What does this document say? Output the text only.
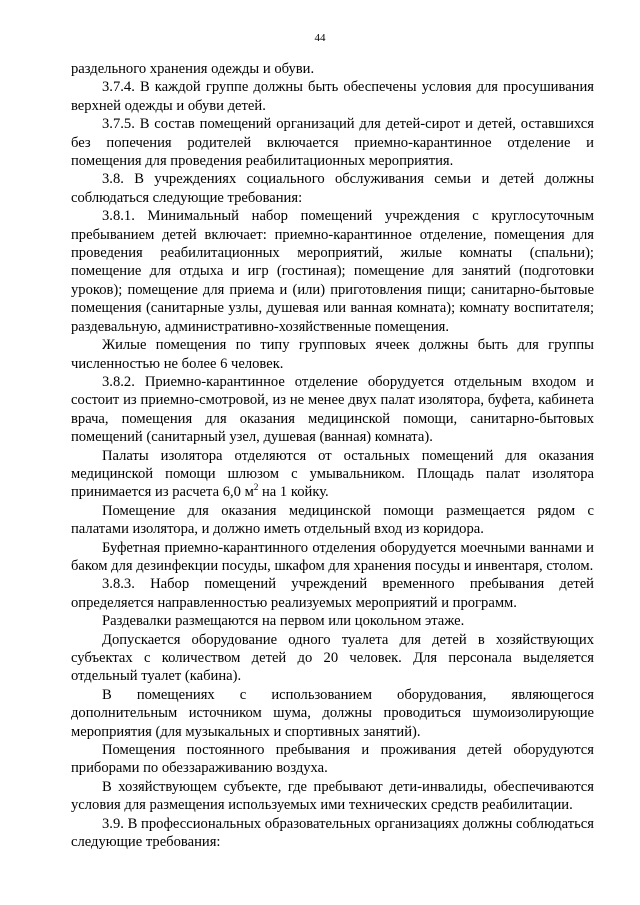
44

раздельного хранения одежды и обуви.

3.7.4. В каждой группе должны быть обеспечены условия для просушивания верхней одежды и обуви детей.

3.7.5. В состав помещений организаций для детей-сирот и детей, оставшихся без попечения родителей включается приемно-карантинное отделение и помещения для проведения реабилитационных мероприятия.

3.8. В учреждениях социального обслуживания семьи и детей должны соблюдаться следующие требования:

3.8.1. Минимальный набор помещений учреждения с круглосуточным пребыванием детей включает: приемно-карантинное отделение, помещения для проведения реабилитационных мероприятий, жилые комнаты (спальни); помещение для отдыха и игр (гостиная); помещение для занятий (подготовки уроков); помещение для приема и (или) приготовления пищи; санитарно-бытовые помещения (санитарные узлы, душевая или ванная комната); комнату воспитателя; раздевальную, административно-хозяйственные помещения.

Жилые помещения по типу групповых ячеек должны быть для группы численностью не более 6 человек.

3.8.2. Приемно-карантинное отделение оборудуется отдельным входом и состоит из приемно-смотровой, из не менее двух палат изолятора, буфета, кабинета врача, помещения для оказания медицинской помощи, санитарно-бытовых помещений (санитарный узел, душевая (ванная) комната).

Палаты изолятора отделяются от остальных помещений для оказания медицинской помощи шлюзом с умывальником. Площадь палат изолятора принимается из расчета 6,0 $м^2$ на 1 койку.

Помещение для оказания медицинской помощи размещается рядом с палатами изолятора, и должно иметь отдельный вход из коридора.

Буфетная приемно-карантинного отделения оборудуется моечными ваннами и баком для дезинфекции посуды, шкафом для хранения посуды и инвентаря, столом.

3.8.3. Набор помещений учреждений временного пребывания детей определяется направленностью реализуемых мероприятий и программ.

Раздевалки размещаются на первом или цокольном этаже.

Допускается оборудование одного туалета для детей в хозяйствующих субъектах с количеством детей до 20 человек. Для персонала выделяется отдельный туалет (кабина).

В помещениях с использованием оборудования, являющегося дополнительным источником шума, должны проводиться шумоизолирующие мероприятия (для музыкальных и спортивных занятий).

Помещения постоянного пребывания и проживания детей оборудуются приборами по обеззараживанию воздуха.

В хозяйствующем субъекте, где пребывают дети-инвалиды, обеспечиваются условия для размещения используемых ими технических средств реабилитации.

3.9. В профессиональных образовательных организациях должны соблюдаться следующие требования:
